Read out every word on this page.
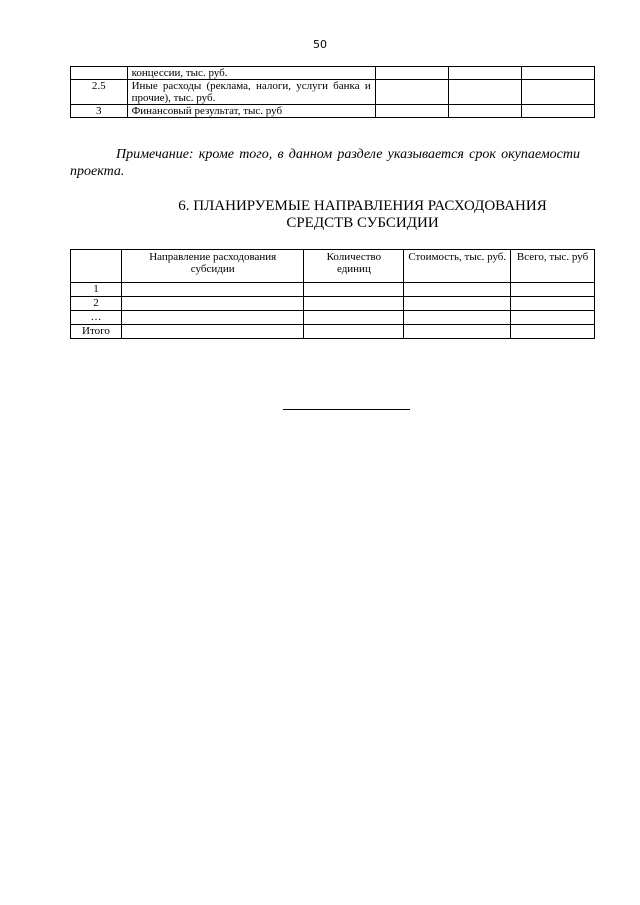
50
	концессии, тыс. руб.			
2.5	Иные расходы (реклама, налоги, услуги банка и прочие), тыс. руб.			
3	Финансовый результат, тыс. руб			
Примечание: кроме того, в данном разделе указывается срок окупаемости проекта.
6. ПЛАНИРУЕМЫЕ НАПРАВЛЕНИЯ РАСХОДОВАНИЯ СРЕДСТВ СУБСИДИИ
	Направление расходования субсидии	Количество единиц	Стоимость, тыс. руб.	Всего, тыс. руб
1				
2				
…				
Итого				
